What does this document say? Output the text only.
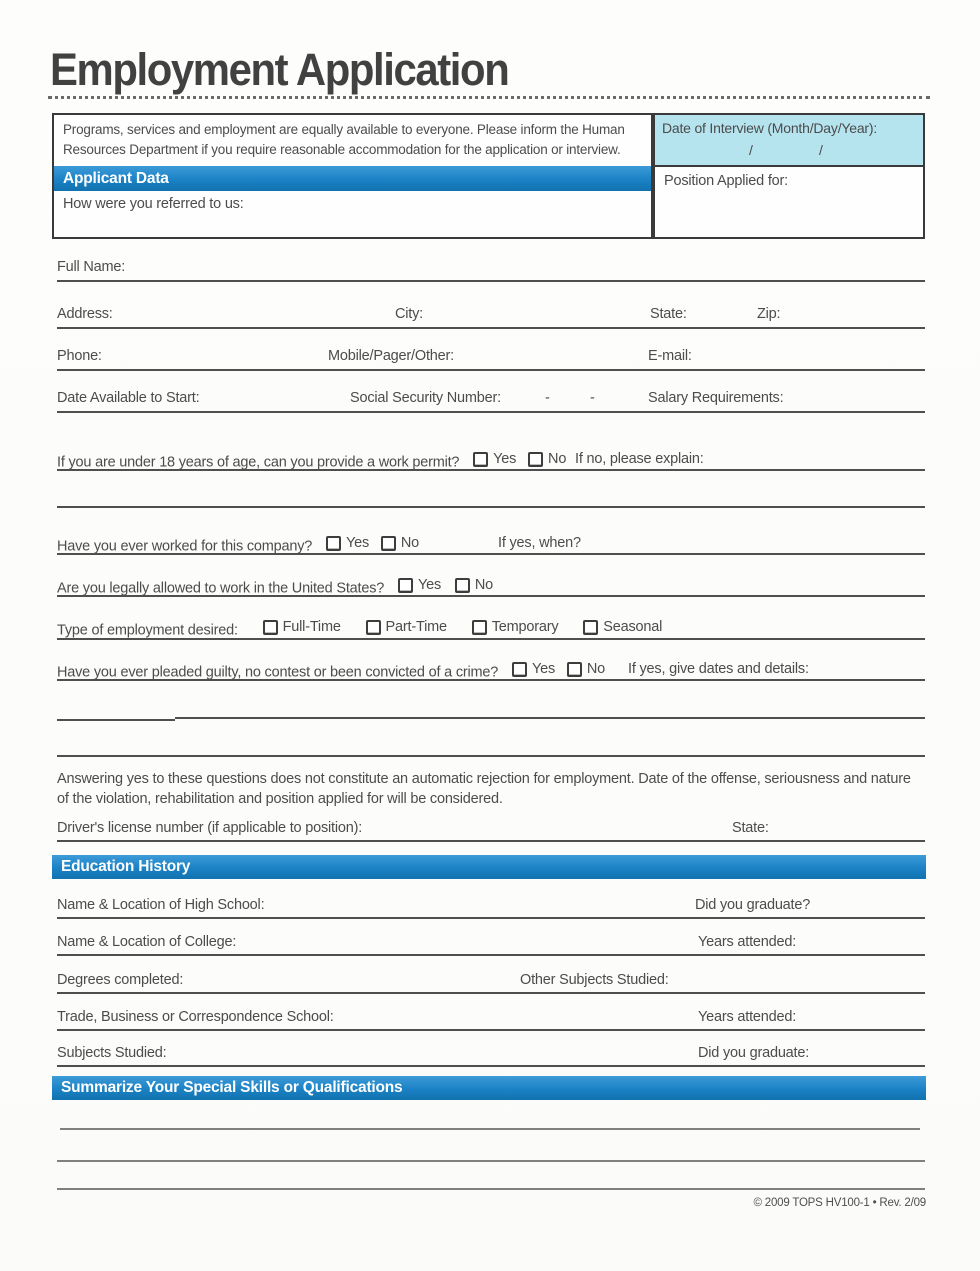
Employment Application
Programs, services and employment are equally available to everyone. Please inform the Human Resources Department if you require reasonable accommodation for the application or interview.
Applicant Data
How were you referred to us:
Date of Interview (Month/Day/Year):
/	/
Position Applied for:
Full Name:
Address:	City:	State:	Zip:
Phone:	Mobile/Pager/Other:	E-mail:
Date Available to Start:	Social Security Number:	-	-	Salary Requirements:
If you are under 18 years of age, can you provide a work permit? Yes
No If no, please explain:
Have you ever worked for this company? Yes
No	If yes, when?
Are you legally allowed to work in the United States? Yes
No
Type of employment desired:	Full-Time
	Part-Time
	Temporary
	Seasonal
Have you ever pleaded guilty, no contest or been convicted of a crime? Yes
No If yes, give dates and details:
Answering yes to these questions does not constitute an automatic rejection for employment. Date of the offense, seriousness and nature of the violation, rehabilitation and position applied for will be considered.
Driver's license number (if applicable to position):	State:
Education History
Name & Location of High School:	Did you graduate?
Name & Location of College:	Years attended:
Degrees completed:	Other Subjects Studied:
Trade, Business or Correspondence School:	Years attended:
Subjects Studied:	Did you graduate:
Summarize Your Special Skills or Qualifications
© 2009 TOPS HV100-1 • Rev. 2/09
